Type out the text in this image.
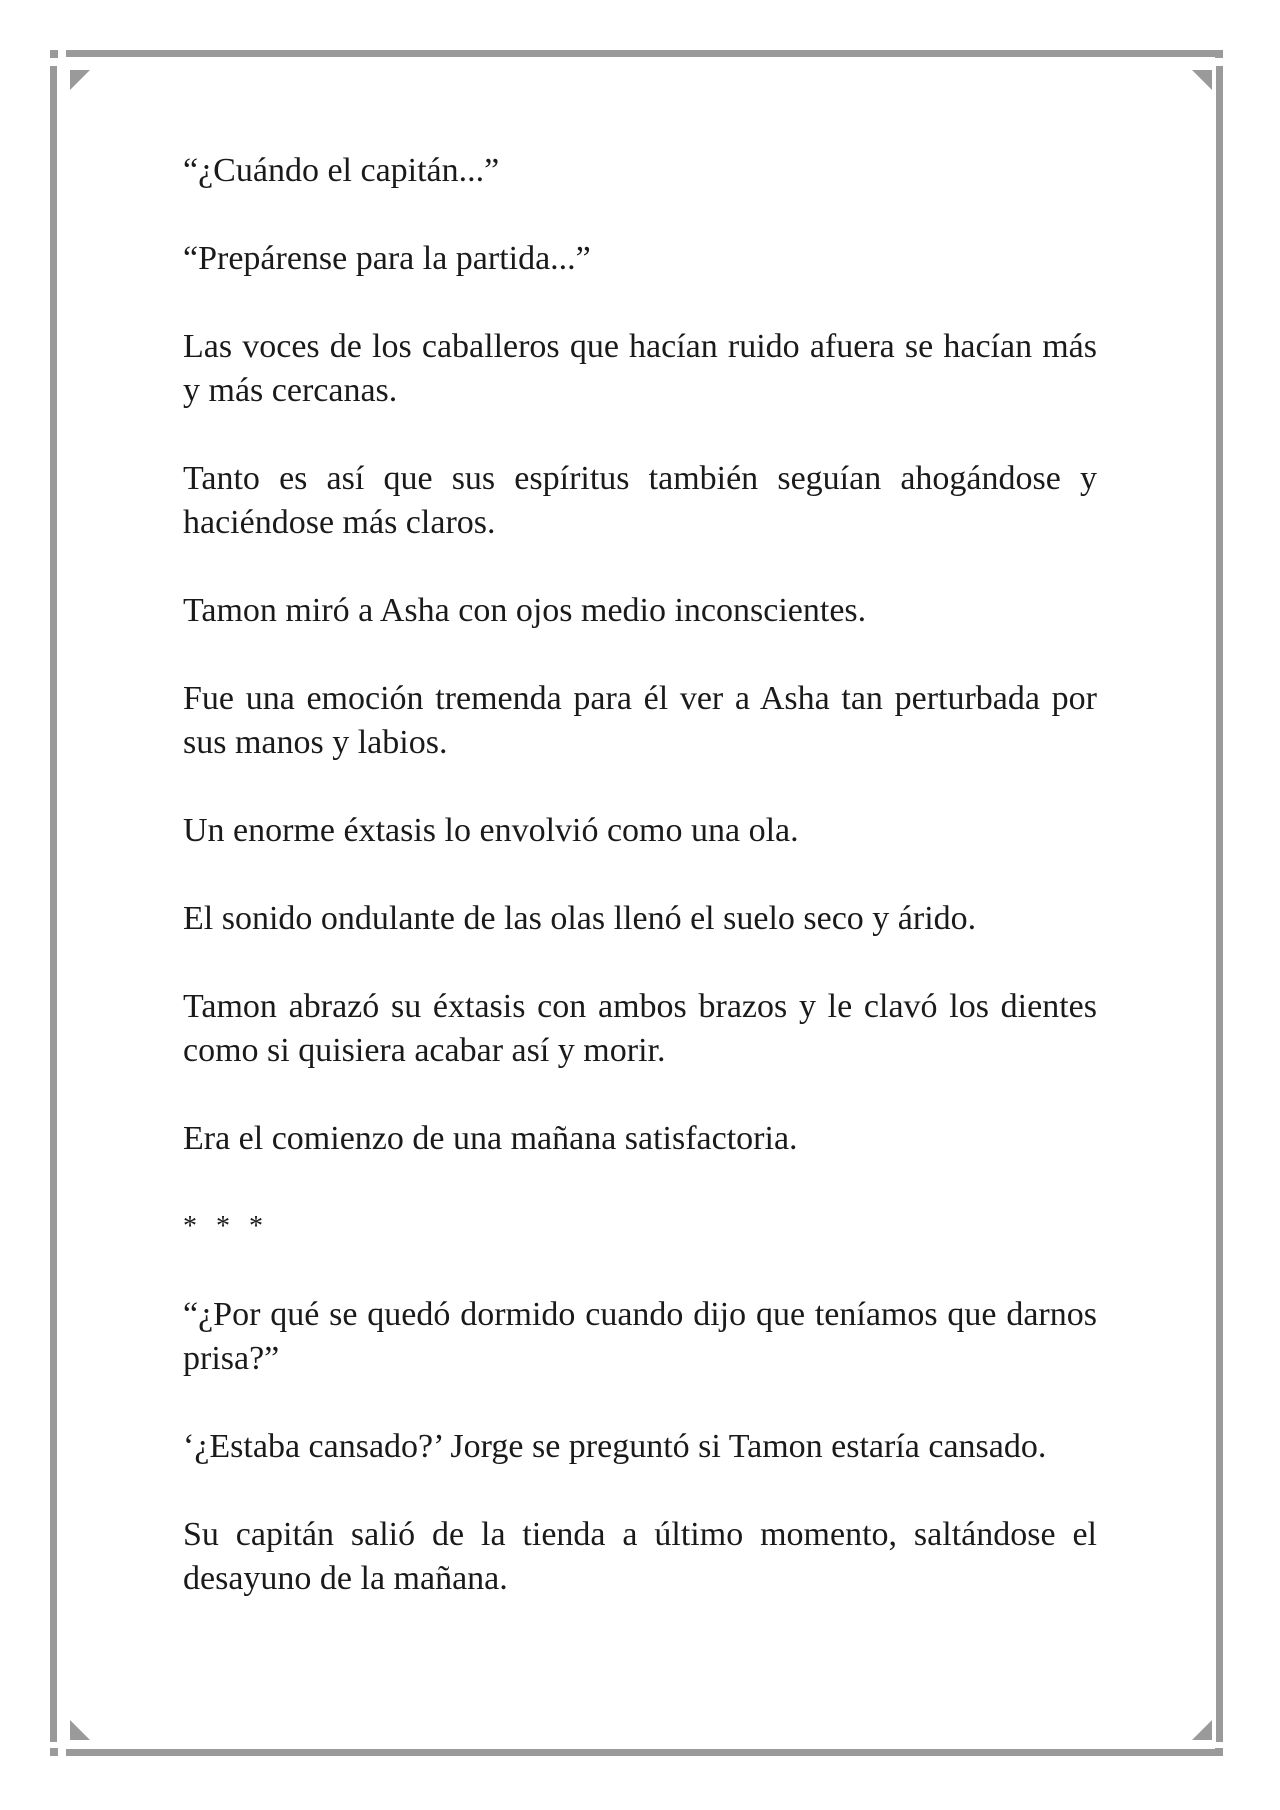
“¿Cuándo el capitán...”

“Prepárense para la partida...”

Las voces de los caballeros que hacían ruido afuera se hacían más y más cercanas.

Tanto es así que sus espíritus también seguían ahogándose y haciéndose más claros.

Tamon miró a Asha con ojos medio inconscientes.

Fue una emoción tremenda para él ver a Asha tan perturbada por sus manos y labios.

Un enorme éxtasis lo envolvió como una ola.

El sonido ondulante de las olas llenó el suelo seco y árido.

Tamon abrazó su éxtasis con ambos brazos y le clavó los dientes como si quisiera acabar así y morir.

Era el comienzo de una mañana satisfactoria.

* * *

“¿Por qué se quedó dormido cuando dijo que teníamos que darnos prisa?”

‘¿Estaba cansado?’ Jorge se preguntó si Tamon estaría cansado.

Su capitán salió de la tienda a último momento, saltándose el desayuno de la mañana.
